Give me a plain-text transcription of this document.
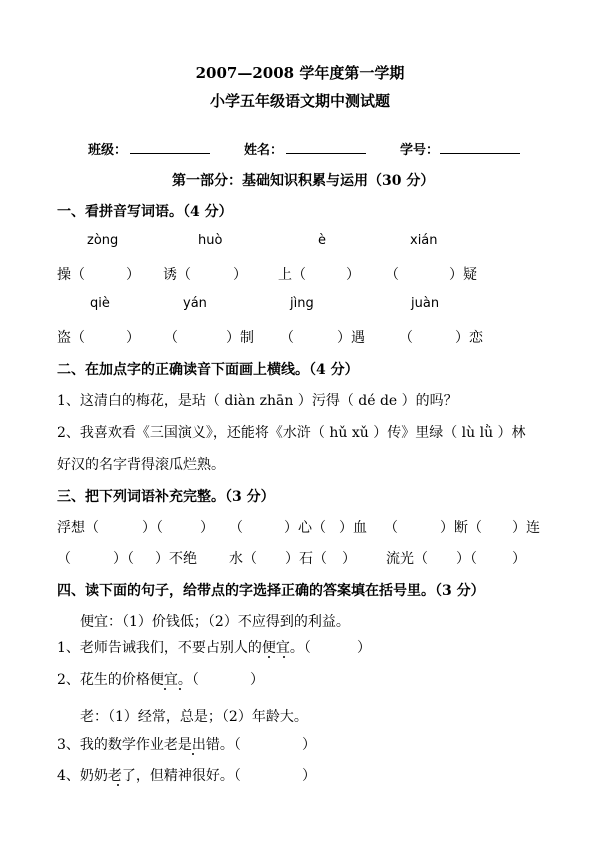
2007—2008 学年度第一学期
小学五年级语文期中测试题
班级：	姓名：	学号：
第一部分：基础知识积累与运用（30 分）
一、看拼音写词语。（4 分）
zòng	huò	è	xián
操（	） 诱（	） 上（	） （	）疑
qiè	yán	jìng	juàn
盗（	） （	）制 （	）遇 （	）恋
二、在加点字的正确读音下面画上横线。（4 分）
1、这清白的梅花，是玷（ diàn zhān ）污得（ dé de ）的吗？
2、我喜欢看《三国演义》，还能将《水浒（ hǔ xǔ ）传》里绿（ lù lǜ ）林
好汉的名字背得滚瓜烂熟。
三、把下列词语补充完整。（3 分）
浮想（	）（	） （	）心（ ）血 （	）断（ ）连
（	）（ ）不绝 水（ ）石（ ） 流光（ ）（	）
四、读下面的句子，给带点的字选择正确的答案填在括号里。（3 分）
便宜：（1）价钱低；（2）不应得到的利益。
1、老师告诫我们，不要占别人的便宜。（	）
2、花生的价格便宜。（	）
老：（1）经常，总是；（2）年龄大。
3、我的数学作业老是出错。（	）
4、奶奶老了，但精神很好。（	）
